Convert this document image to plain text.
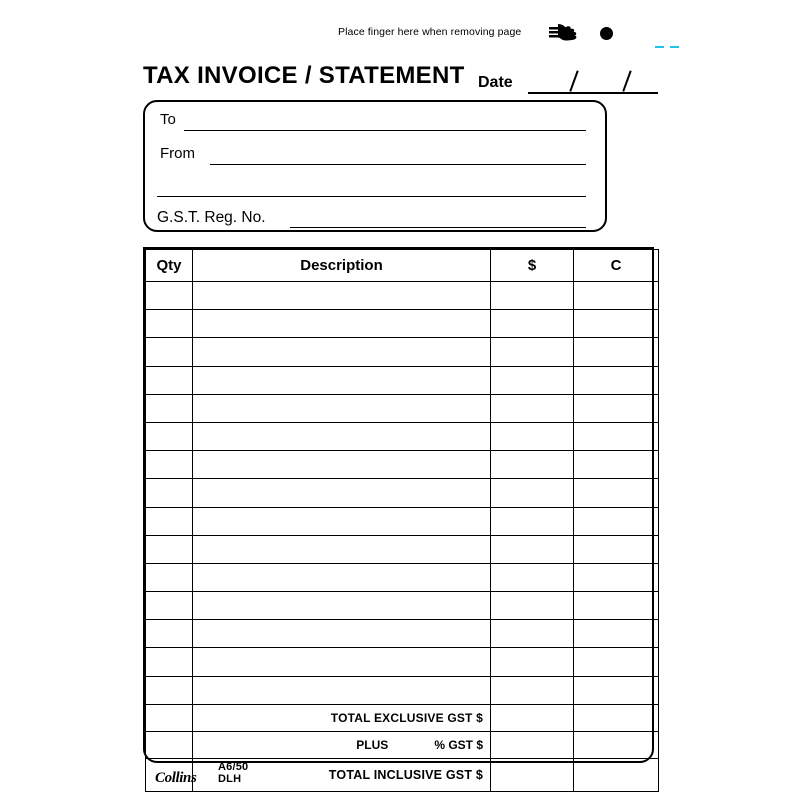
Place finger here when removing page
TAX INVOICE / STATEMENT Date
To
From
G.S.T. Reg. No.
Qty	Description	$	C

	TOTAL EXCLUSIVE GST $		
	PLUS % GST $		

Collins
A6/50 DLH	TOTAL INCLUSIVE GST $		
